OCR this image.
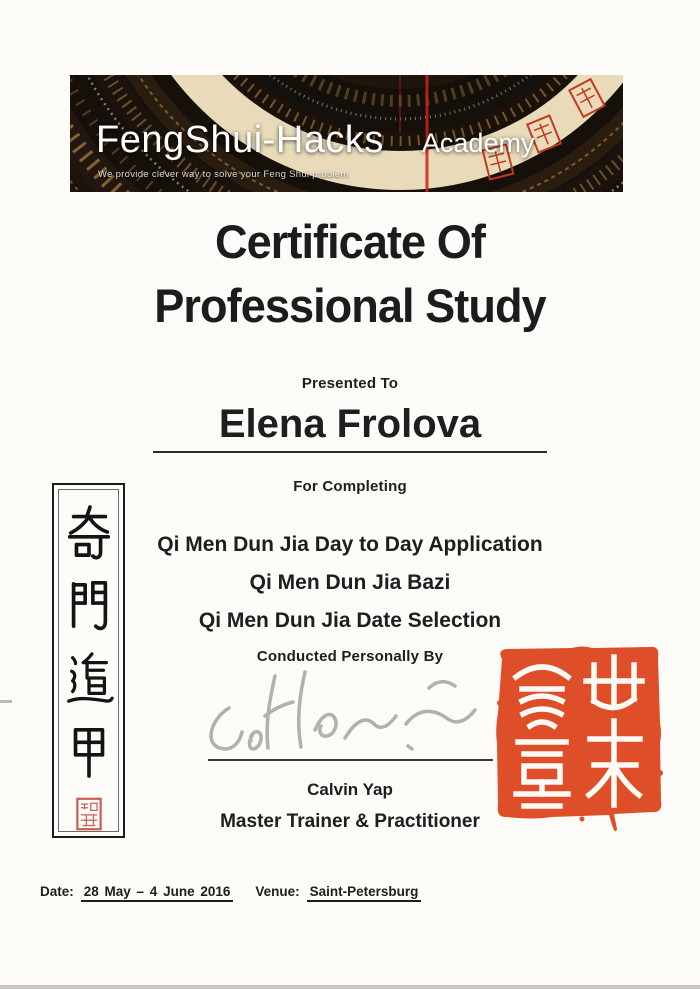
FengShui-Hacks Academy
We provide clever way to solve your Feng Shui problem
Certificate Of
Professional Study
Presented To
Elena Frolova
For Completing
Qi Men Dun Jia Day to Day Application
Qi Men Dun Jia Bazi
Qi Men Dun Jia Date Selection
Conducted Personally By
Calvin Yap
Master Trainer & Practitioner
Date: 28 May – 4 June 2016 Venue: Saint-Petersburg
